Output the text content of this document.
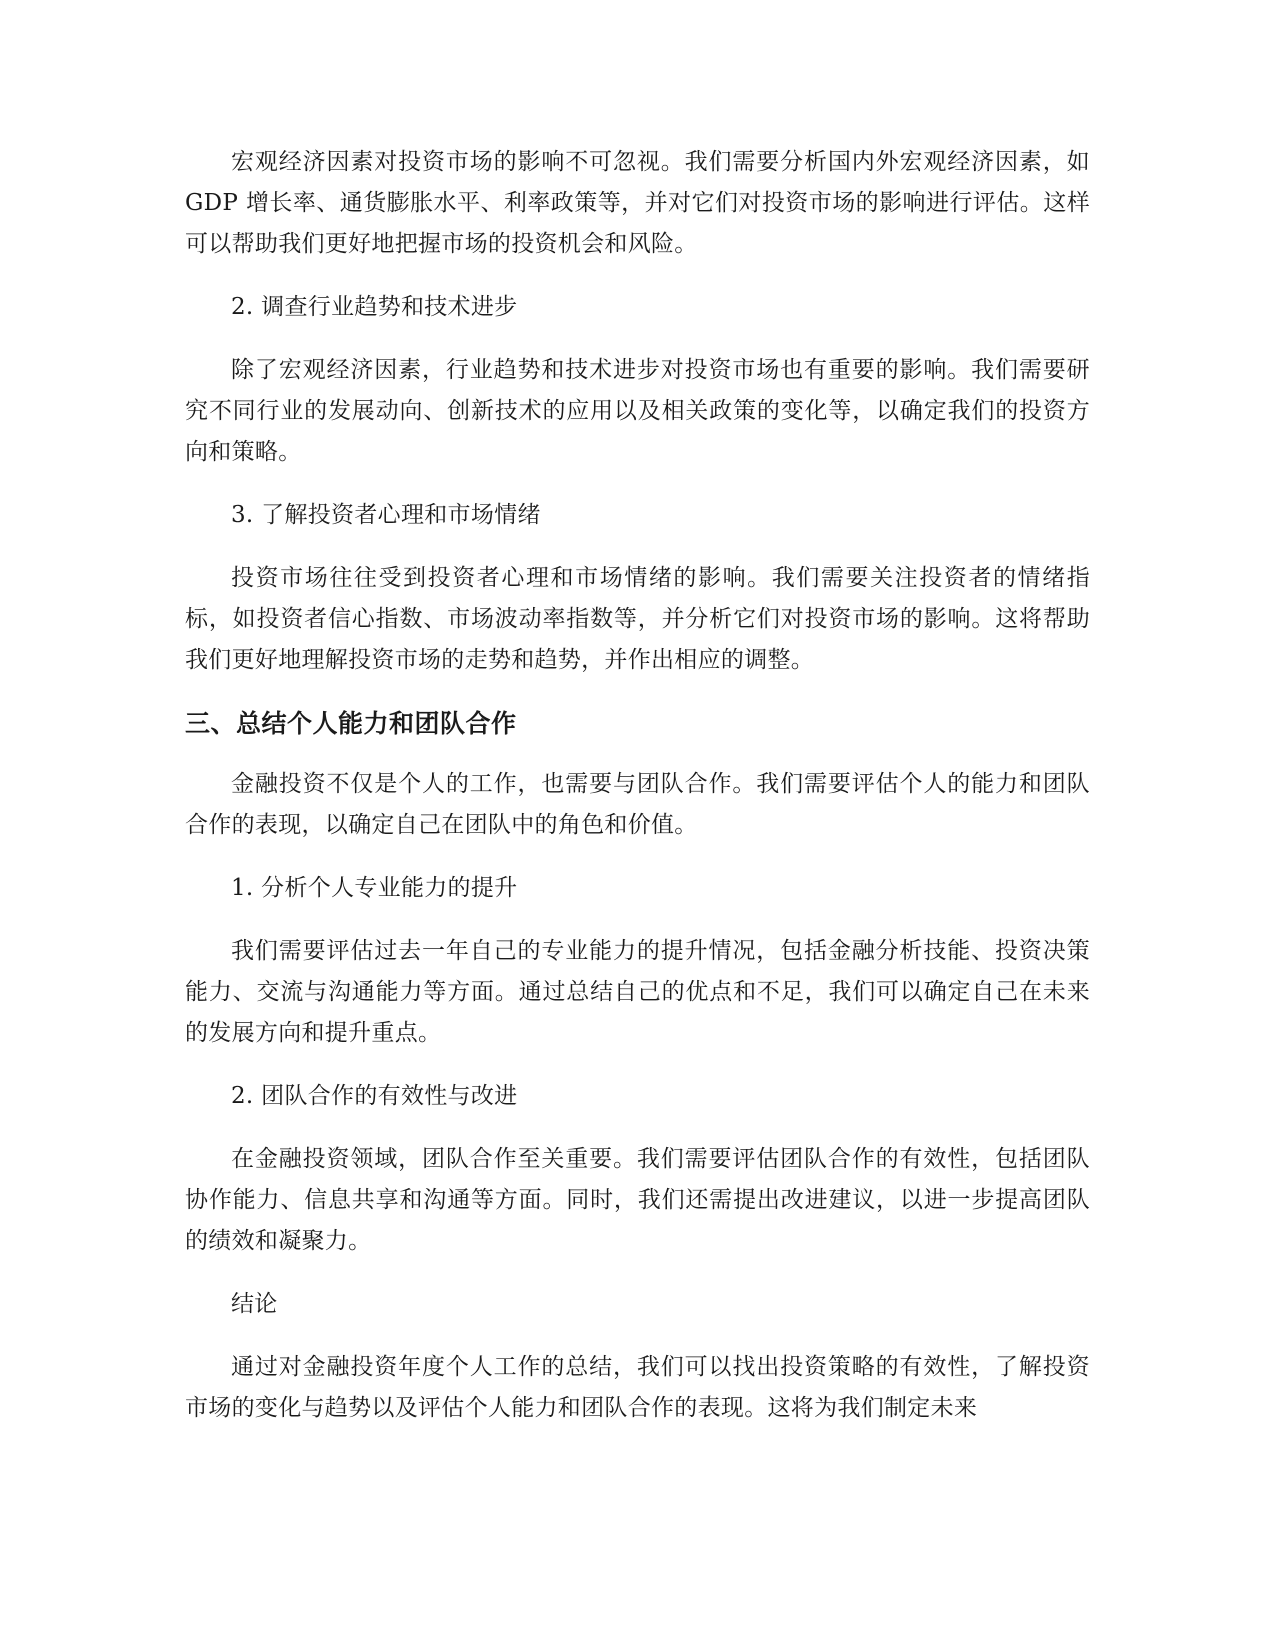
宏观经济因素对投资市场的影响不可忽视。我们需要分析国内外宏观经济因素，如 GDP 增长率、通货膨胀水平、利率政策等，并对它们对投资市场的影响进行评估。这样可以帮助我们更好地把握市场的投资机会和风险。

2. 调查行业趋势和技术进步

除了宏观经济因素，行业趋势和技术进步对投资市场也有重要的影响。我们需要研究不同行业的发展动向、创新技术的应用以及相关政策的变化等，以确定我们的投资方向和策略。

3. 了解投资者心理和市场情绪

投资市场往往受到投资者心理和市场情绪的影响。我们需要关注投资者的情绪指标，如投资者信心指数、市场波动率指数等，并分析它们对投资市场的影响。这将帮助我们更好地理解投资市场的走势和趋势，并作出相应的调整。

三、总结个人能力和团队合作

金融投资不仅是个人的工作，也需要与团队合作。我们需要评估个人的能力和团队合作的表现，以确定自己在团队中的角色和价值。

1. 分析个人专业能力的提升

我们需要评估过去一年自己的专业能力的提升情况，包括金融分析技能、投资决策能力、交流与沟通能力等方面。通过总结自己的优点和不足，我们可以确定自己在未来的发展方向和提升重点。

2. 团队合作的有效性与改进

在金融投资领域，团队合作至关重要。我们需要评估团队合作的有效性，包括团队协作能力、信息共享和沟通等方面。同时，我们还需提出改进建议，以进一步提高团队的绩效和凝聚力。

结论

通过对金融投资年度个人工作的总结，我们可以找出投资策略的有效性，了解投资市场的变化与趋势以及评估个人能力和团队合作的表现。这将为我们制定未来
